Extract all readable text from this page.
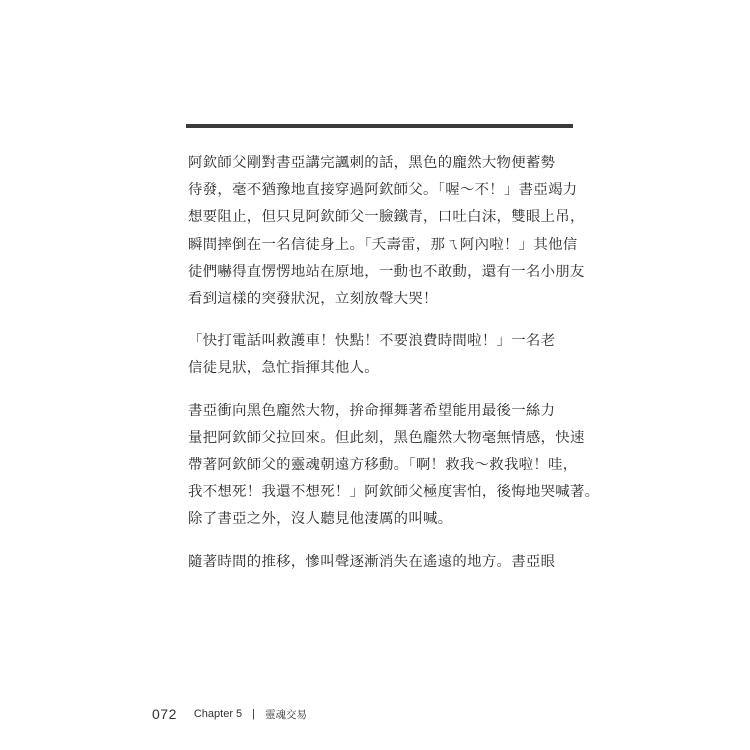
阿欽師父剛對書亞講完諷刺的話，黑色的龐然大物便蓄勢
待發，毫不猶豫地直接穿過阿欽師父。「喔～不！」書亞竭力
想要阻止，但只見阿欽師父一臉鐵青，口吐白沫，雙眼上吊，
瞬間摔倒在一名信徒身上。「夭壽雷，那ㄟ阿內啦！」其他信
徒們嚇得直愣愣地站在原地，一動也不敢動，還有一名小朋友
看到這樣的突發狀況，立刻放聲大哭！
「快打電話叫救護車！快點！不要浪費時間啦！」一名老
信徒見狀，急忙指揮其他人。
書亞衝向黑色龐然大物，拚命揮舞著希望能用最後一絲力
量把阿欽師父拉回來。但此刻，黑色龐然大物毫無情感，快速
帶著阿欽師父的靈魂朝遠方移動。「啊！救我～救我啦！哇，
我不想死！我還不想死！」阿欽師父極度害怕，後悔地哭喊著。
除了書亞之外，沒人聽見他淒厲的叫喊。
隨著時間的推移，慘叫聲逐漸消失在遙遠的地方。書亞眼
072 Chapter 5 | 靈魂交易
